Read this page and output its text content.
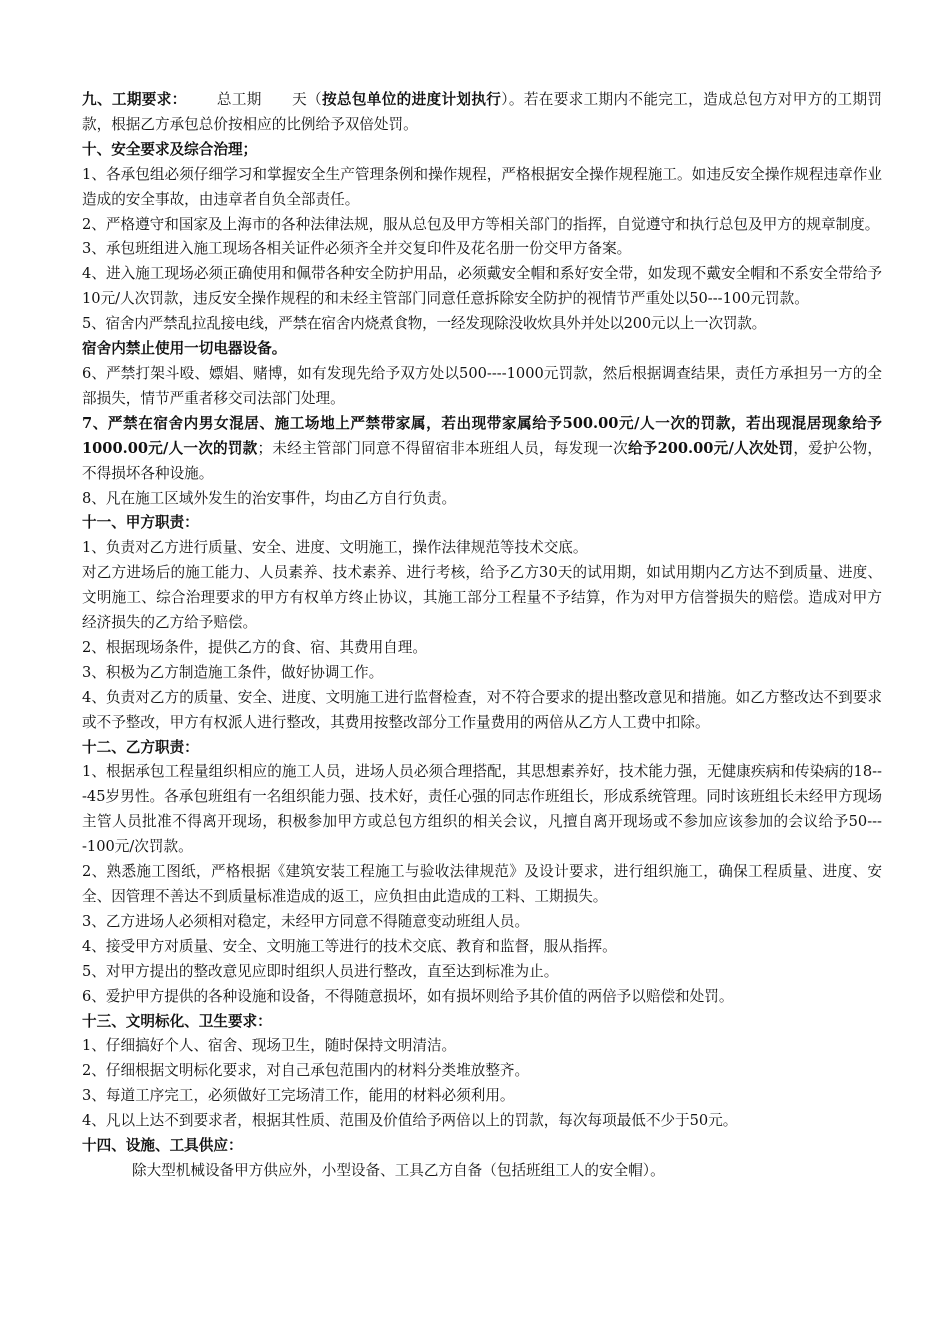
九、工期要求： 总工期 天（按总包单位的进度计划执行）。若在要求工期内不能完工，造成总包方对甲方的工期罚款，根据乙方承包总价按相应的比例给予双倍处罚。

十、安全要求及综合治理；

1、各承包组必须仔细学习和掌握安全生产管理条例和操作规程，严格根据安全操作规程施工。如违反安全操作规程违章作业造成的安全事故，由违章者自负全部责任。

2、严格遵守和国家及上海市的各种法律法规，服从总包及甲方等相关部门的指挥，自觉遵守和执行总包及甲方的规章制度。

3、承包班组进入施工现场各相关证件必须齐全并交复印件及花名册一份交甲方备案。

4、进入施工现场必须正确使用和佩带各种安全防护用品，必须戴安全帽和系好安全带，如发现不戴安全帽和不系安全带给予10元/人次罚款，违反安全操作规程的和未经主管部门同意任意拆除安全防护的视情节严重处以50---100元罚款。

5、宿舍内严禁乱拉乱接电线，严禁在宿舍内烧煮食物，一经发现除没收炊具外并处以200元以上一次罚款。

宿舍内禁止使用一切电器设备。

6、严禁打架斗殴、嫖娼、赌博，如有发现先给予双方处以500----1000元罚款，然后根据调查结果，责任方承担另一方的全部损失，情节严重者移交司法部门处理。

7、严禁在宿舍内男女混居、施工场地上严禁带家属，若出现带家属给予500.00元/人一次的罚款，若出现混居现象给予1000.00元/人一次的罚款；未经主管部门同意不得留宿非本班组人员，每发现一次给予200.00元/人次处罚，爱护公物，不得损坏各种设施。

8、凡在施工区域外发生的治安事件，均由乙方自行负责。

十一、甲方职责：

1、负责对乙方进行质量、安全、进度、文明施工，操作法律规范等技术交底。

对乙方进场后的施工能力、人员素养、技术素养、进行考核，给予乙方30天的试用期，如试用期内乙方达不到质量、进度、文明施工、综合治理要求的甲方有权单方终止协议，其施工部分工程量不予结算，作为对甲方信誉损失的赔偿。造成对甲方经济损失的乙方给予赔偿。

2、根据现场条件，提供乙方的食、宿、其费用自理。

3、积极为乙方制造施工条件，做好协调工作。

4、负责对乙方的质量、安全、进度、文明施工进行监督检查，对不符合要求的提出整改意见和措施。如乙方整改达不到要求或不予整改，甲方有权派人进行整改，其费用按整改部分工作量费用的两倍从乙方人工费中扣除。

十二、乙方职责：

1、根据承包工程量组织相应的施工人员，进场人员必须合理搭配，其思想素养好，技术能力强，无健康疾病和传染病的18---45岁男性。各承包班组有一名组织能力强、技术好，责任心强的同志作班组长，形成系统管理。同时该班组长未经甲方现场主管人员批准不得离开现场，积极参加甲方或总包方组织的相关会议，凡擅自离开现场或不参加应该参加的会议给予50----100元/次罚款。

2、熟悉施工图纸，严格根据《建筑安装工程施工与验收法律规范》及设计要求，进行组织施工，确保工程质量、进度、安全、因管理不善达不到质量标准造成的返工，应负担由此造成的工料、工期损失。

3、乙方进场人必须相对稳定，未经甲方同意不得随意变动班组人员。

4、接受甲方对质量、安全、文明施工等进行的技术交底、教育和监督，服从指挥。

5、对甲方提出的整改意见应即时组织人员进行整改，直至达到标准为止。

6、爱护甲方提供的各种设施和设备，不得随意损坏，如有损坏则给予其价值的两倍予以赔偿和处罚。

十三、文明标化、卫生要求：

1、仔细搞好个人、宿舍、现场卫生，随时保持文明清洁。

2、仔细根据文明标化要求，对自己承包范围内的材料分类堆放整齐。

3、每道工序完工，必须做好工完场清工作，能用的材料必须利用。

4、凡以上达不到要求者，根据其性质、范围及价值给予两倍以上的罚款，每次每项最低不少于50元。

十四、设施、工具供应：

除大型机械设备甲方供应外，小型设备、工具乙方自备（包括班组工人的安全帽）。
